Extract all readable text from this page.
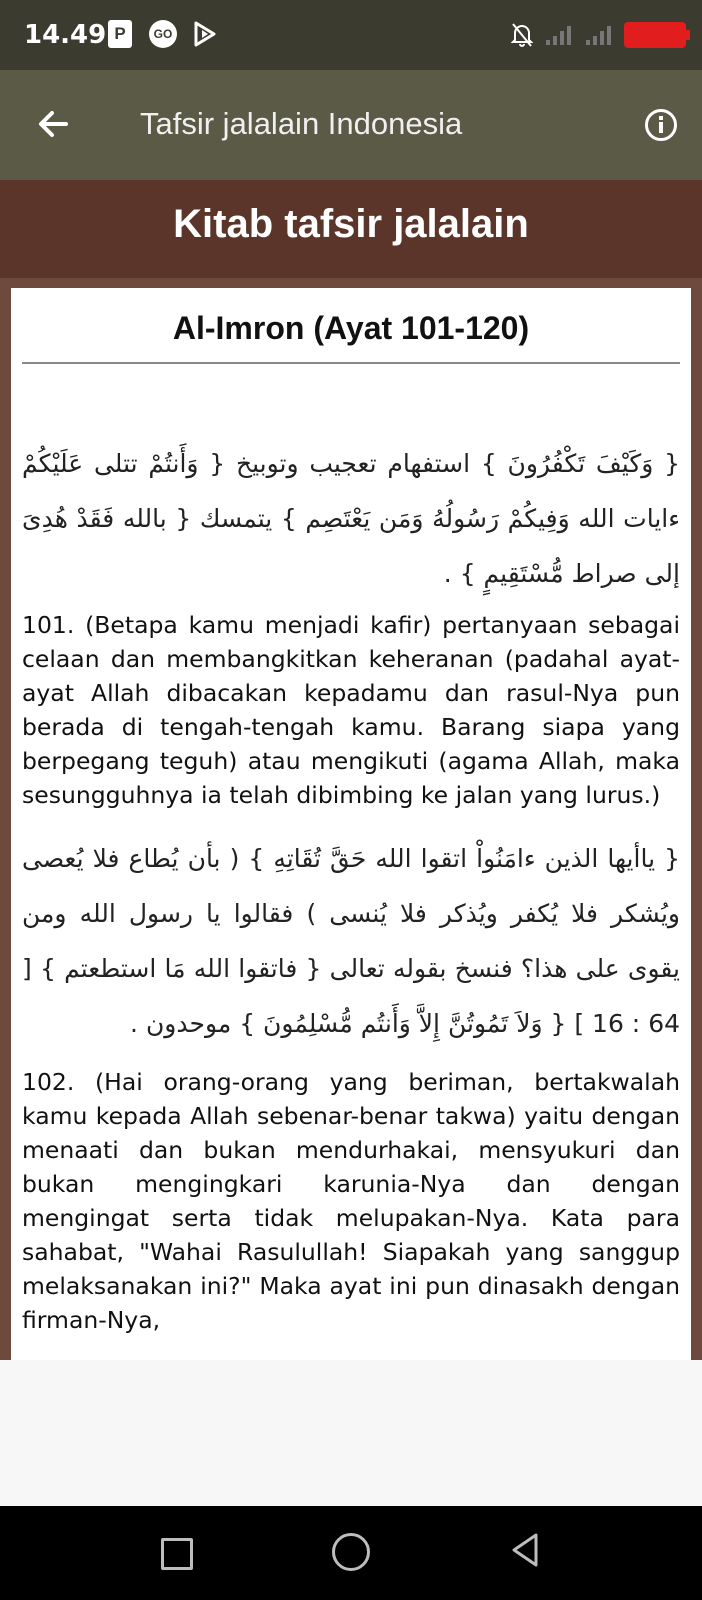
14.49 P	GO
Tafsir jalalain Indonesia
Kitab tafsir jalalain
Al-Imron (Ayat 101-120)
{ وَكَيْفَ تَكْفُرُونَ } استفهام تعجيب وتوبيخ { وَأَنتُمْ تتلى عَلَيْكُمْ ءايات الله وَفِيكُمْ رَسُولُهُ وَمَن يَعْتَصِم } يتمسك { بالله فَقَدْ هُدِىَ إلى صراط مُّسْتَقِيمٍ } .
101. (Betapa kamu menjadi kafir) pertanyaan sebagai celaan dan membangkitkan keheranan (padahal ayat-ayat Allah dibacakan kepadamu dan rasul-Nya pun berada di tengah-tengah kamu. Barang siapa yang berpegang teguh) atau mengikuti (agama Allah, maka sesungguhnya ia telah dibimbing ke jalan yang lurus.)
{ ياأيها الذين ءامَنُواْ اتقوا الله حَقَّ تُقَاتِهِ } ( بأن يُطاع فلا يُعصى ويُشكر فلا يُكفر ويُذكر فلا يُنسى ) فقالوا يا رسول الله ومن يقوى على هذا؟ فنسخ بقوله تعالى { فاتقوا الله مَا استطعتم } [ 64 : 16 ] { وَلاَ تَمُوتُنَّ إِلاَّ وَأَنتُم مُّسْلِمُونَ } موحدون .
102. (Hai orang-orang yang beriman, bertakwalah kamu kepada Allah sebenar-benar takwa) yaitu dengan menaati dan bukan mendurhakai, mensyukuri dan bukan mengingkari karunia-Nya dan dengan mengingat serta tidak melupakan-Nya. Kata para sahabat, "Wahai Rasulullah! Siapakah yang sanggup melaksanakan ini?" Maka ayat ini pun dinasakh dengan firman-Nya,
